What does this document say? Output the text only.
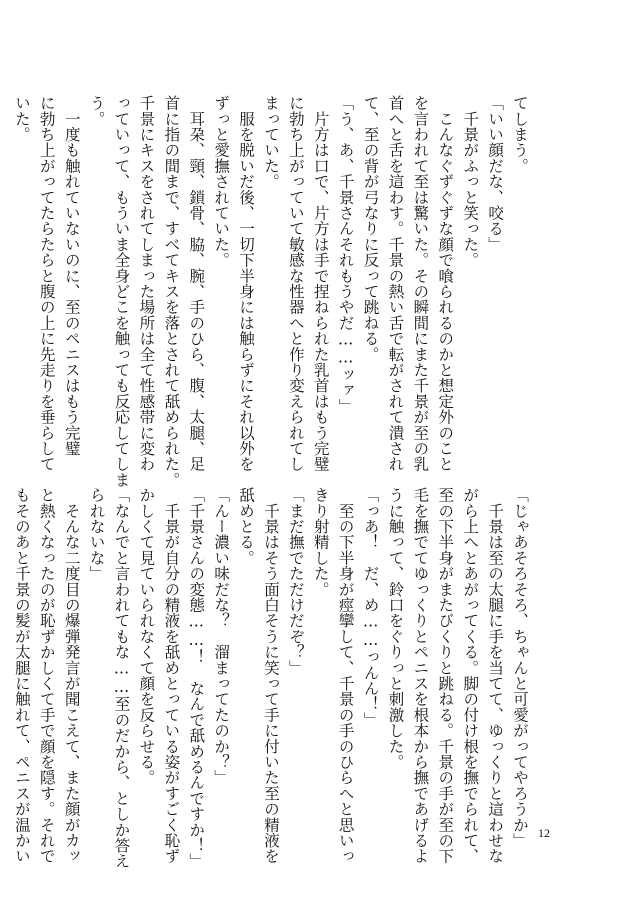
てしまう。
「いい顔だな、咬る」
　千景がふっと笑った。
　こんなぐずぐずな顔で喰られるのかと想定外のこと
を言われて至は驚いた。その瞬間にまた千景が至の乳
首へと舌を這わす。千景の熱い舌で転がされて潰され
て、至の背が弓なりに反って跳ねる。
「う、あ、千景さんそれもうやだ……ッァ」
　片方は口で、片方は手で捏ねられた乳首はもう完璧
に勃ち上がっていて敏感な性器へと作り変えられてし
まっていた。
　服を脱いだ後、一切下半身には触らずにそれ以外を
ずっと愛撫されていた。
　耳朶、頸、鎖骨、脇、腕、手のひら、腹、太腿、足
首に指の間まで、すべてキスを落とされて舐められた。
千景にキスをされてしまった場所は全て性感帯に変わ
っていって、もういま全身どこを触っても反応してしま
う。
　一度も触れていないのに、至のペニスはもう完璧
に勃ち上がってたらたらと腹の上に先走りを垂らして
いた。
「じゃあそろそろ、ちゃんと可愛がってやろうか」
　千景は至の太腿に手を当てて、ゆっくりと這わせな
がら上へとあがってくる。脚の付け根を撫でられて、
至の下半身がまたびくりと跳ねる。千景の手が至の下
毛を撫でてゆっくりとペニスを根本から撫であげるよ
うに触って、鈴口をぐりっと刺激した。
「っあ！　だ、め……っんん！」
　至の下半身が痙攣して、千景の手のひらへと思いっ
きり射精した。
「まだ撫でただけだぞ？」
　千景はそう面白そうに笑って手に付いた至の精液を
舐めとる。
「んー濃い味だな？　溜まってたのか？」
「千景さんの変態……！　なんで舐めるんですか！」
　千景が自分の精液を舐めとっている姿がすごく恥ず
かしくて見ていられなくて顔を反らせる。
「なんでと言われてもな……至のだから、としか答え
られないな」
　そんな二度目の爆弾発言が聞こえて、また顔がカッ
と熱くなったのが恥ずかしくて手で顔を隠す。それで
もそのあと千景の髪が太腿に触れて、ペニスが温かい	12
